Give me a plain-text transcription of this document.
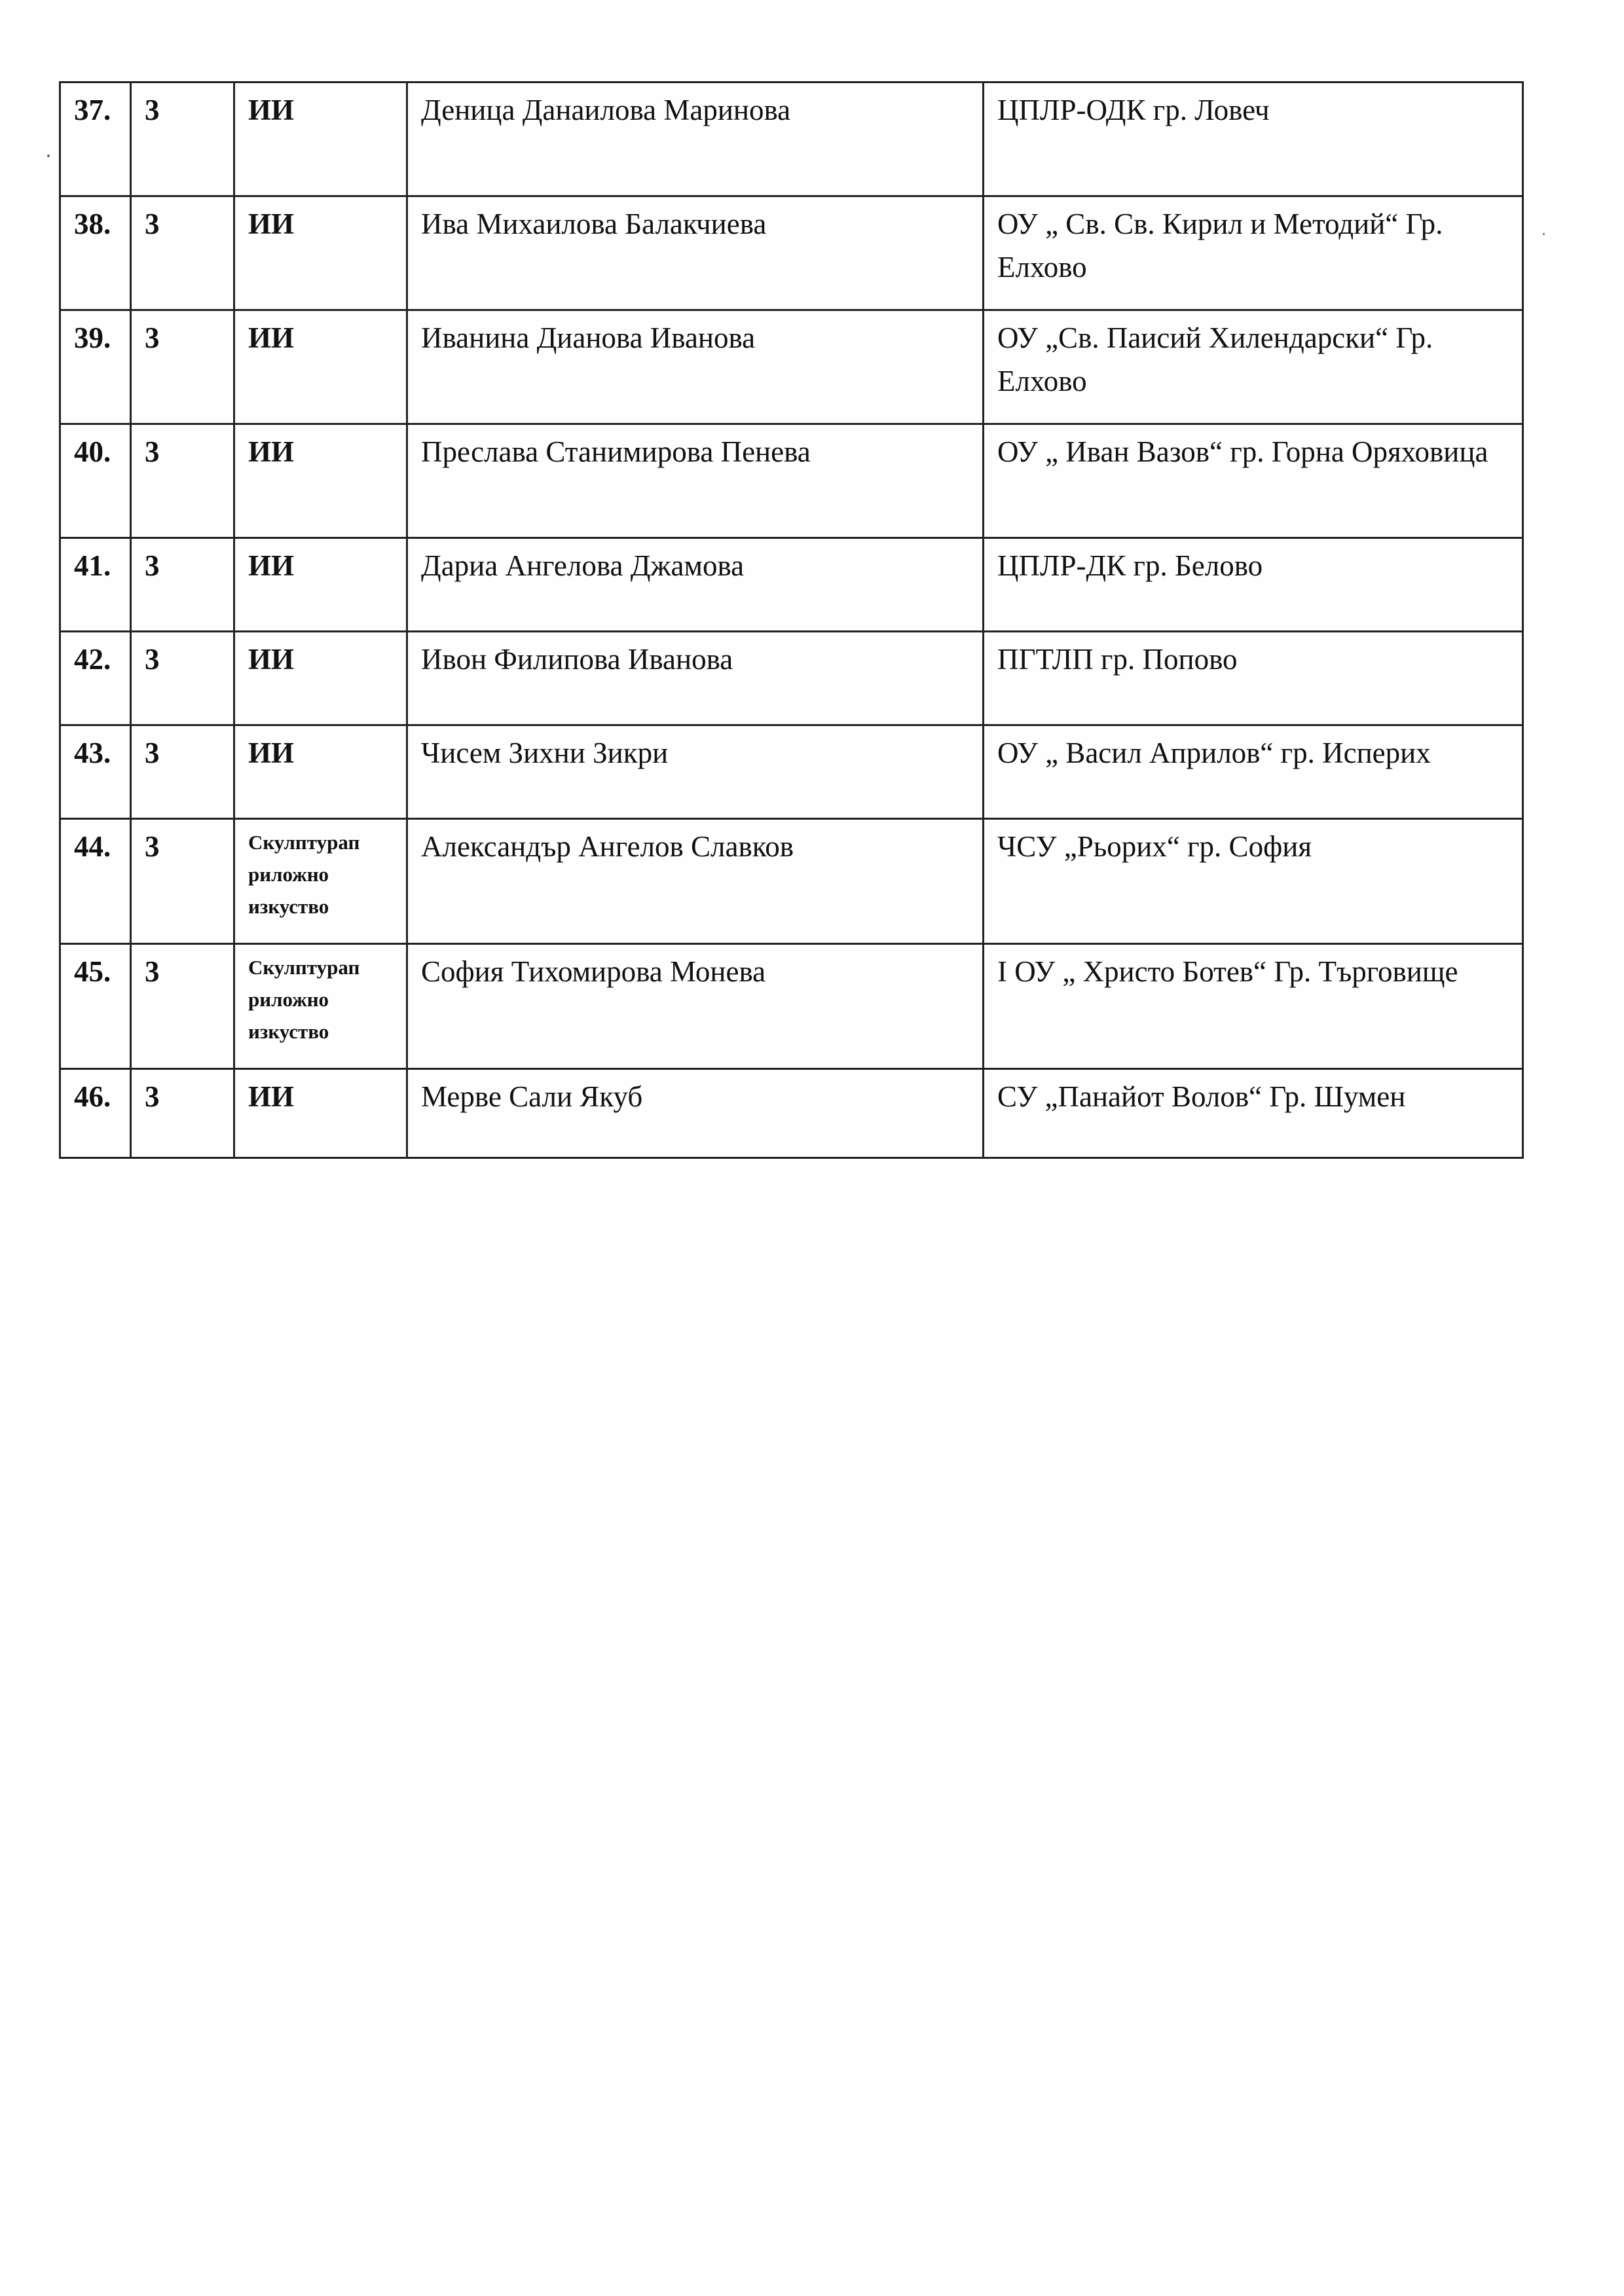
37.	3	ИИ	Деница Данаилова Маринова	ЦПЛР-ОДК гр. Ловеч
38.	3	ИИ	Ива Михаилова Балакчиева	ОУ „ Св. Св. Кирил и Методий“ Гр. Елхово
39.	3	ИИ	Иванина Дианова Иванова	ОУ „Св. Паисий Хилендарски“ Гр. Елхово
40.	3	ИИ	Преслава Станимирова Пенева	ОУ „ Иван Вазов“ гр. Горна Оряховица
41.	3	ИИ	Дариа Ангелова Джамова	ЦПЛР-ДК гр. Белово
42.	3	ИИ	Ивон Филипова Иванова	ПГТЛП гр. Попово
43.	3	ИИ	Чисем Зихни Зикри	ОУ „ Васил Априлов“ гр. Исперих
44.	3	Скулптурап риложно изкуство	Александър Ангелов Славков	ЧСУ „Рьорих“ гр. София
45.	3	Скулптурап риложно изкуство	София Тихомирова Монева	I ОУ „ Христо Ботев“ Гр. Търговище
46.	3	ИИ	Мерве Сали Якуб	СУ „Панайот Волов“ Гр. Шумен
